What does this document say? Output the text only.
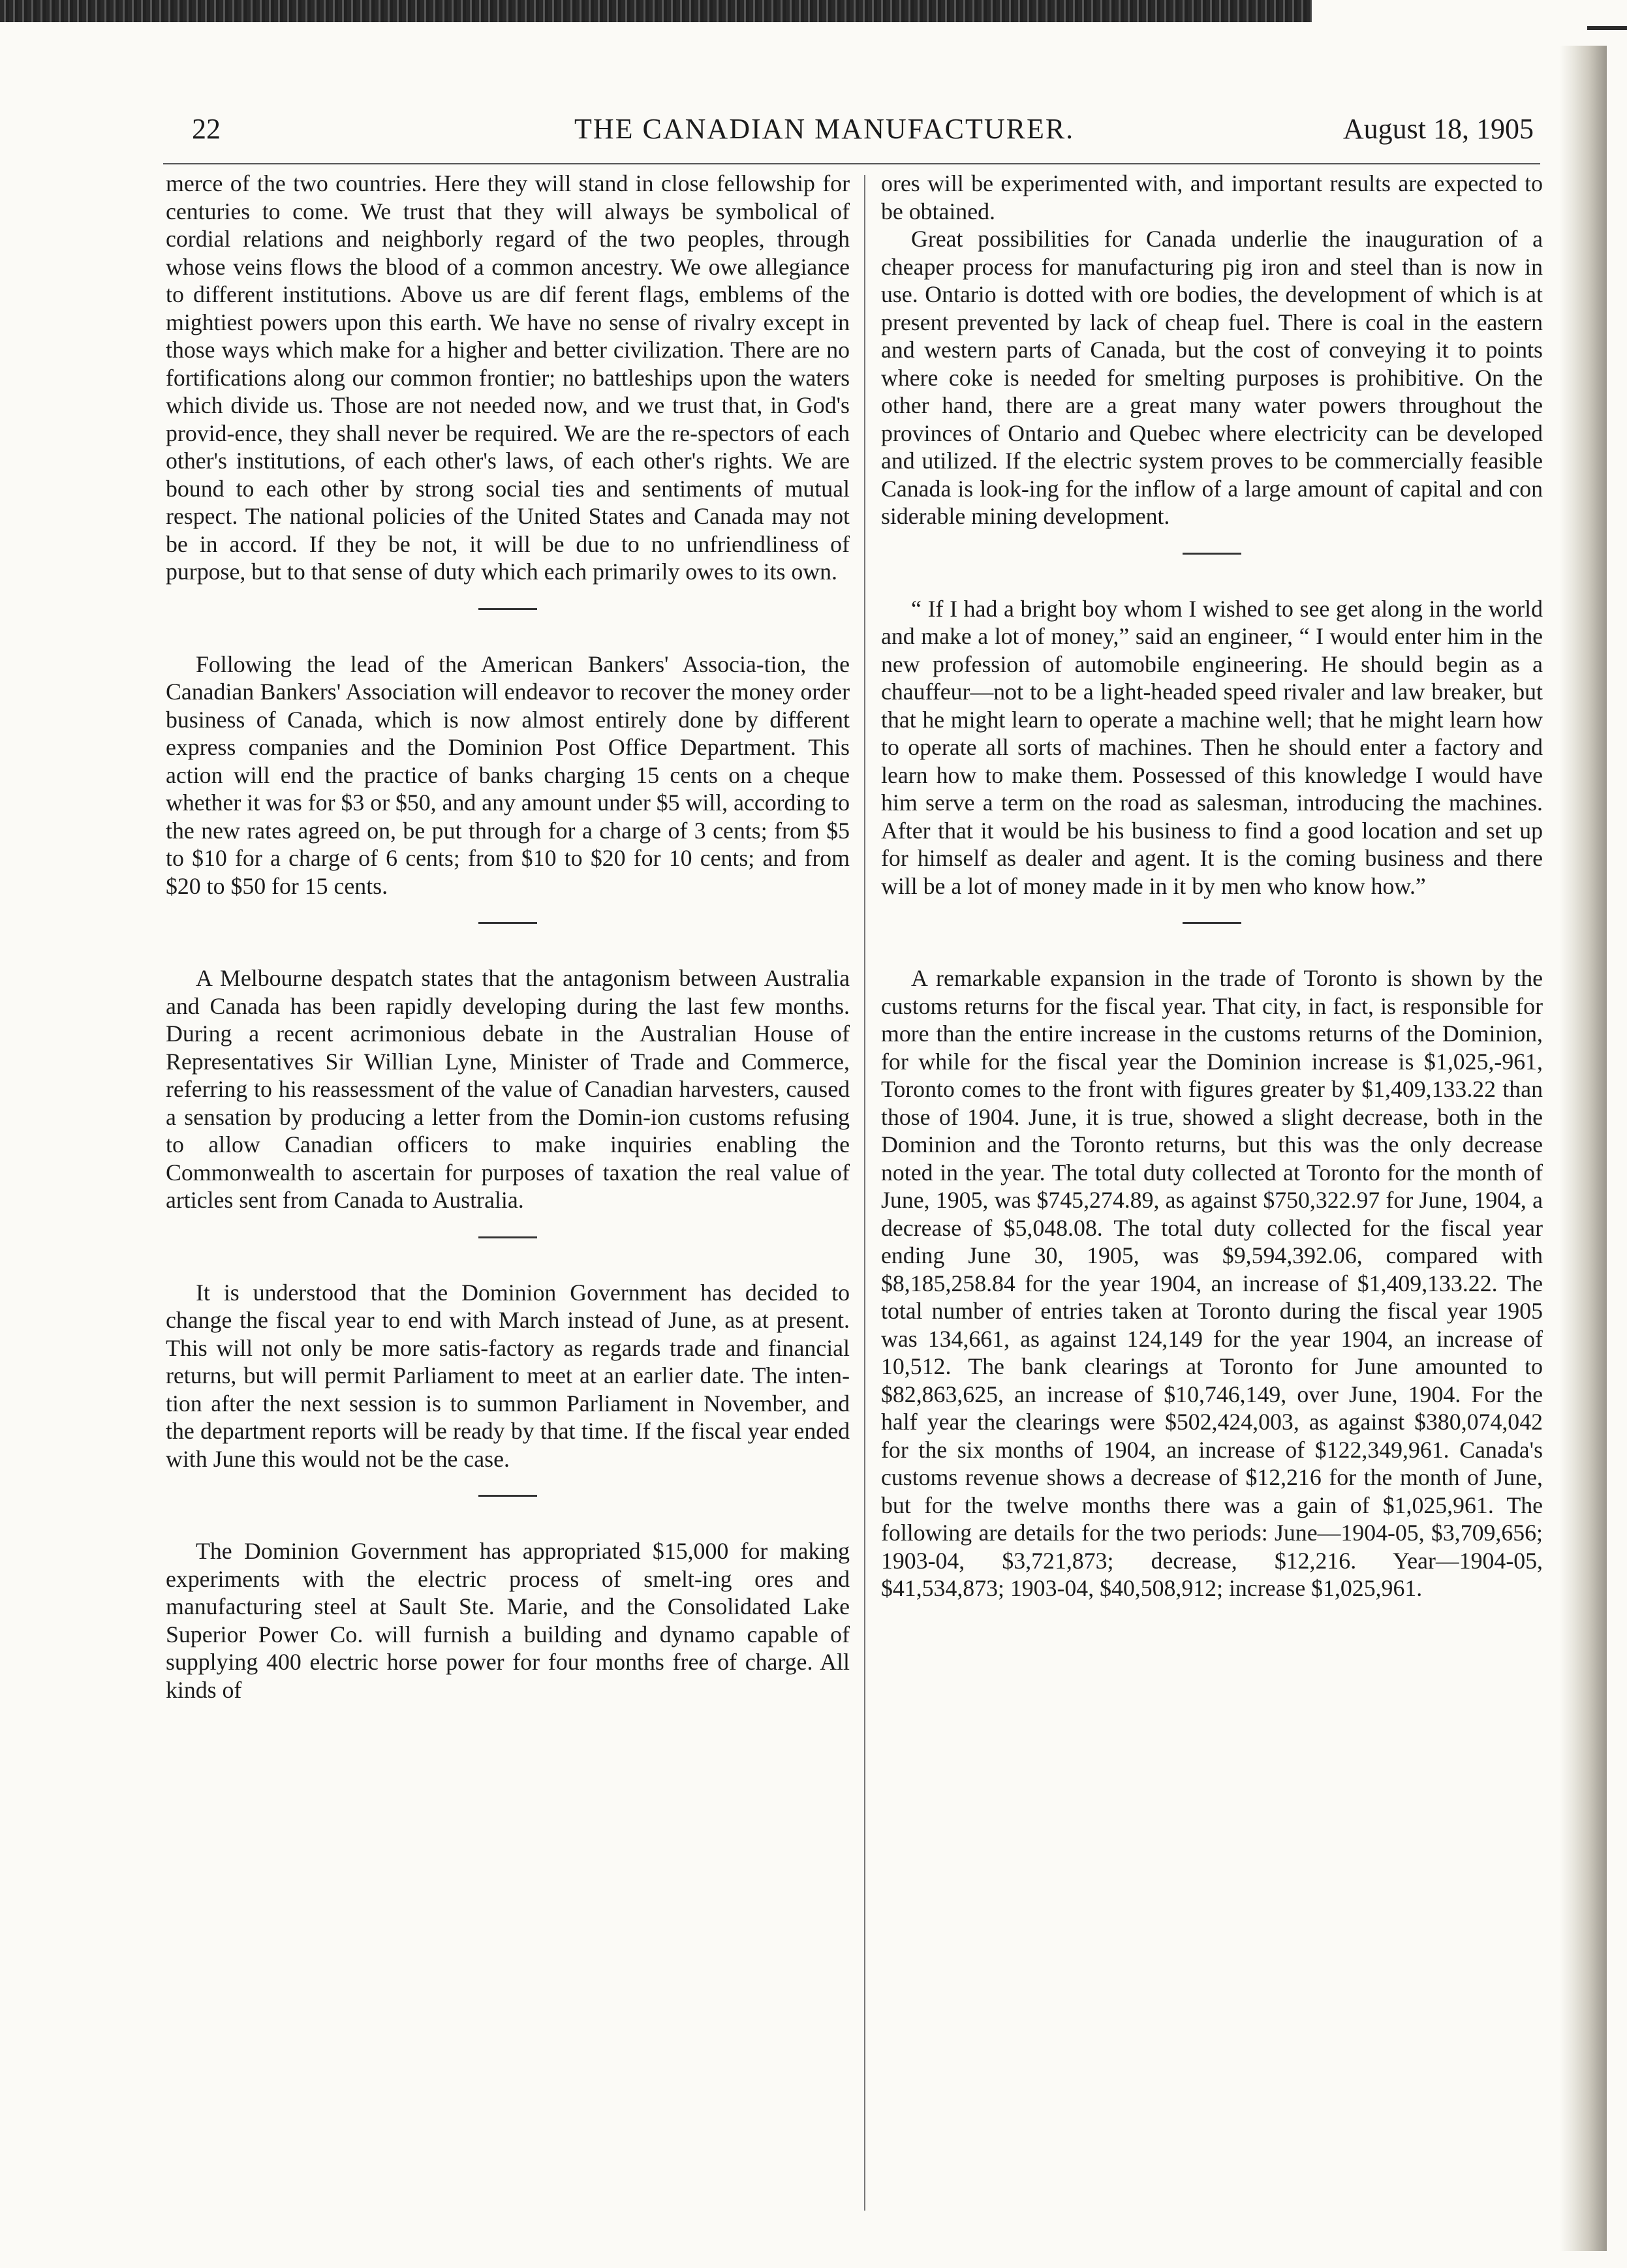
22	THE CANADIAN MANUFACTURER.	August 18, 1905

merce of the two countries. Here they will stand in close fellowship for centuries to come. We trust that they will always be symbolical of cordial relations and neighborly regard of the two peoples, through whose veins flows the blood of a common ancestry. We owe allegiance to different institutions. Above us are dif ferent flags, emblems of the mightiest powers upon this earth. We have no sense of rivalry except in those ways which make for a higher and better civilization. There are no fortifications along our common frontier; no battleships upon the waters which divide us. Those are not needed now, and we trust that, in God's provid-ence, they shall never be required. We are the re-spectors of each other's institutions, of each other's laws, of each other's rights. We are bound to each other by strong social ties and sentiments of mutual respect. The national policies of the United States and Canada may not be in accord. If they be not, it will be due to no unfriendliness of purpose, but to that sense of duty which each primarily owes to its own.

Following the lead of the American Bankers' Associa-tion, the Canadian Bankers' Association will endeavor to recover the money order business of Canada, which is now almost entirely done by different express companies and the Dominion Post Office Department. This action will end the practice of banks charging 15 cents on a cheque whether it was for $3 or $50, and any amount under $5 will, according to the new rates agreed on, be put through for a charge of 3 cents; from $5 to $10 for a charge of 6 cents; from $10 to $20 for 10 cents; and from $20 to $50 for 15 cents.

A Melbourne despatch states that the antagonism between Australia and Canada has been rapidly developing during the last few months. During a recent acrimonious debate in the Australian House of Representatives Sir Willian Lyne, Minister of Trade and Commerce, referring to his reassessment of the value of Canadian harvesters, caused a sensation by producing a letter from the Domin-ion customs refusing to allow Canadian officers to make inquiries enabling the Commonwealth to ascertain for purposes of taxation the real value of articles sent from Canada to Australia.

It is understood that the Dominion Government has decided to change the fiscal year to end with March instead of June, as at present. This will not only be more satis-factory as regards trade and financial returns, but will permit Parliament to meet at an earlier date. The inten-tion after the next session is to summon Parliament in November, and the department reports will be ready by that time. If the fiscal year ended with June this would not be the case.

The Dominion Government has appropriated $15,000 for making experiments with the electric process of smelt-ing ores and manufacturing steel at Sault Ste. Marie, and the Consolidated Lake Superior Power Co. will furnish a building and dynamo capable of supplying 400 electric horse power for four months free of charge. All kinds of

ores will be experimented with, and important results are expected to be obtained.

Great possibilities for Canada underlie the inauguration of a cheaper process for manufacturing pig iron and steel than is now in use. Ontario is dotted with ore bodies, the development of which is at present prevented by lack of cheap fuel. There is coal in the eastern and western parts of Canada, but the cost of conveying it to points where coke is needed for smelting purposes is prohibitive. On the other hand, there are a great many water powers throughout the provinces of Ontario and Quebec where electricity can be developed and utilized. If the electric system proves to be commercially feasible Canada is look-ing for the inflow of a large amount of capital and con siderable mining development.

“ If I had a bright boy whom I wished to see get along in the world and make a lot of money,” said an engineer, “ I would enter him in the new profession of automobile engineering. He should begin as a chauffeur—not to be a light-headed speed rivaler and law breaker, but that he might learn to operate a machine well; that he might learn how to operate all sorts of machines. Then he should enter a factory and learn how to make them. Possessed of this knowledge I would have him serve a term on the road as salesman, introducing the machines. After that it would be his business to find a good location and set up for himself as dealer and agent. It is the coming business and there will be a lot of money made in it by men who know how.”

A remarkable expansion in the trade of Toronto is shown by the customs returns for the fiscal year. That city, in fact, is responsible for more than the entire increase in the customs returns of the Dominion, for while for the fiscal year the Dominion increase is $1,025,-961, Toronto comes to the front with figures greater by $1,409,133.22 than those of 1904. June, it is true, showed a slight decrease, both in the Dominion and the Toronto returns, but this was the only decrease noted in the year. The total duty collected at Toronto for the month of June, 1905, was $745,274.89, as against $750,322.97 for June, 1904, a decrease of $5,048.08. The total duty collected for the fiscal year ending June 30, 1905, was $9,594,392.06, compared with $8,185,258.84 for the year 1904, an increase of $1,409,133.22. The total number of entries taken at Toronto during the fiscal year 1905 was 134,661, as against 124,149 for the year 1904, an increase of 10,512. The bank clearings at Toronto for June amounted to $82,863,625, an increase of $10,746,149, over June, 1904. For the half year the clearings were $502,424,003, as against $380,074,042 for the six months of 1904, an increase of $122,349,961. Canada's customs revenue shows a decrease of $12,216 for the month of June, but for the twelve months there was a gain of $1,025,961. The following are details for the two periods: June—1904-05, $3,709,656; 1903-04, $3,721,873; decrease, $12,216. Year—1904-05, $41,534,873; 1903-04, $40,508,912; increase $1,025,961.
